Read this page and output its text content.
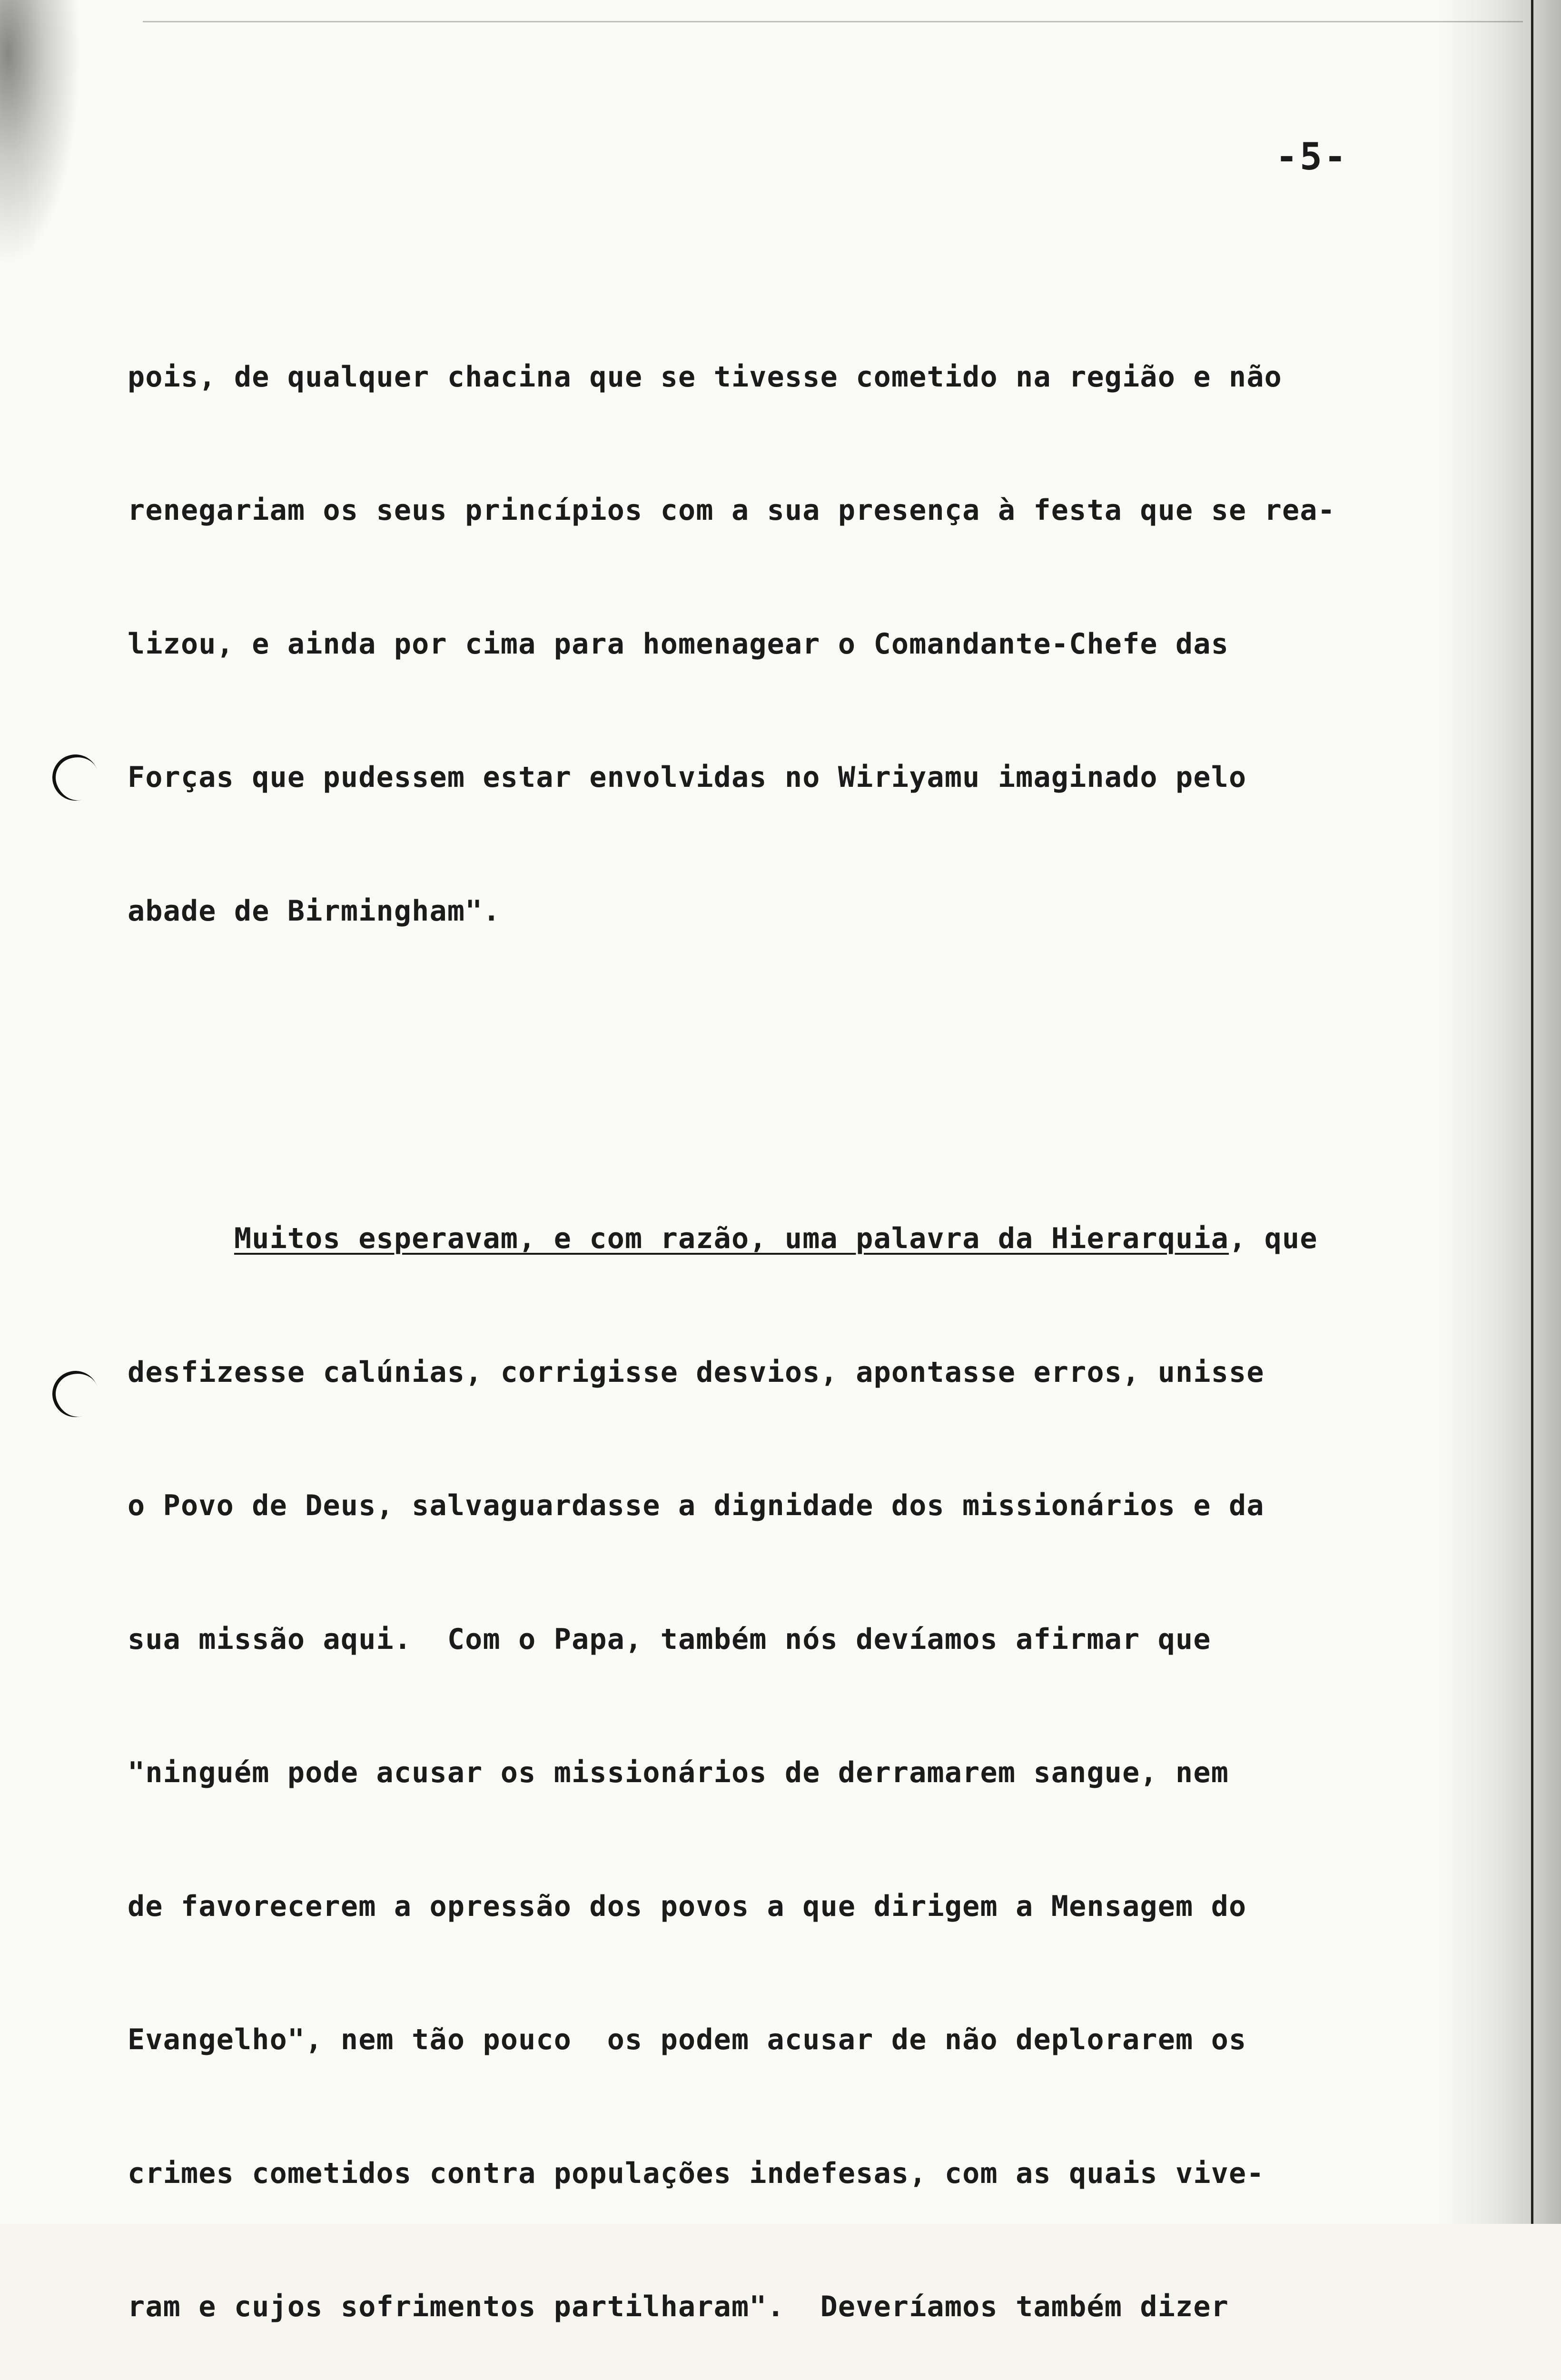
-5-

pois, de qualquer chacina que se tivesse cometido na região e não

renegariam os seus princípios com a sua presença à festa que se rea-

lizou, e ainda por cima para homenagear o Comandante-Chefe das

Forças que pudessem estar envolvidas no Wiriyamu imaginado pelo

abade de Birmingham".

Muitos esperavam, e com razão, uma palavra da Hierarquia, que

desfizesse calúnias, corrigisse desvios, apontasse erros, unisse

o Povo de Deus, salvaguardasse a dignidade dos missionários e da

sua missão aqui.  Com o Papa, também nós devíamos afirmar que

"ninguém pode acusar os missionários de derramarem sangue, nem

de favorecerem a opressão dos povos a que dirigem a Mensagem do

Evangelho", nem tão pouco  os podem acusar de não deplorarem os

crimes cometidos contra populações indefesas, com as quais vive-

ram e cujos sofrimentos partilharam".  Deveríamos também dizer
